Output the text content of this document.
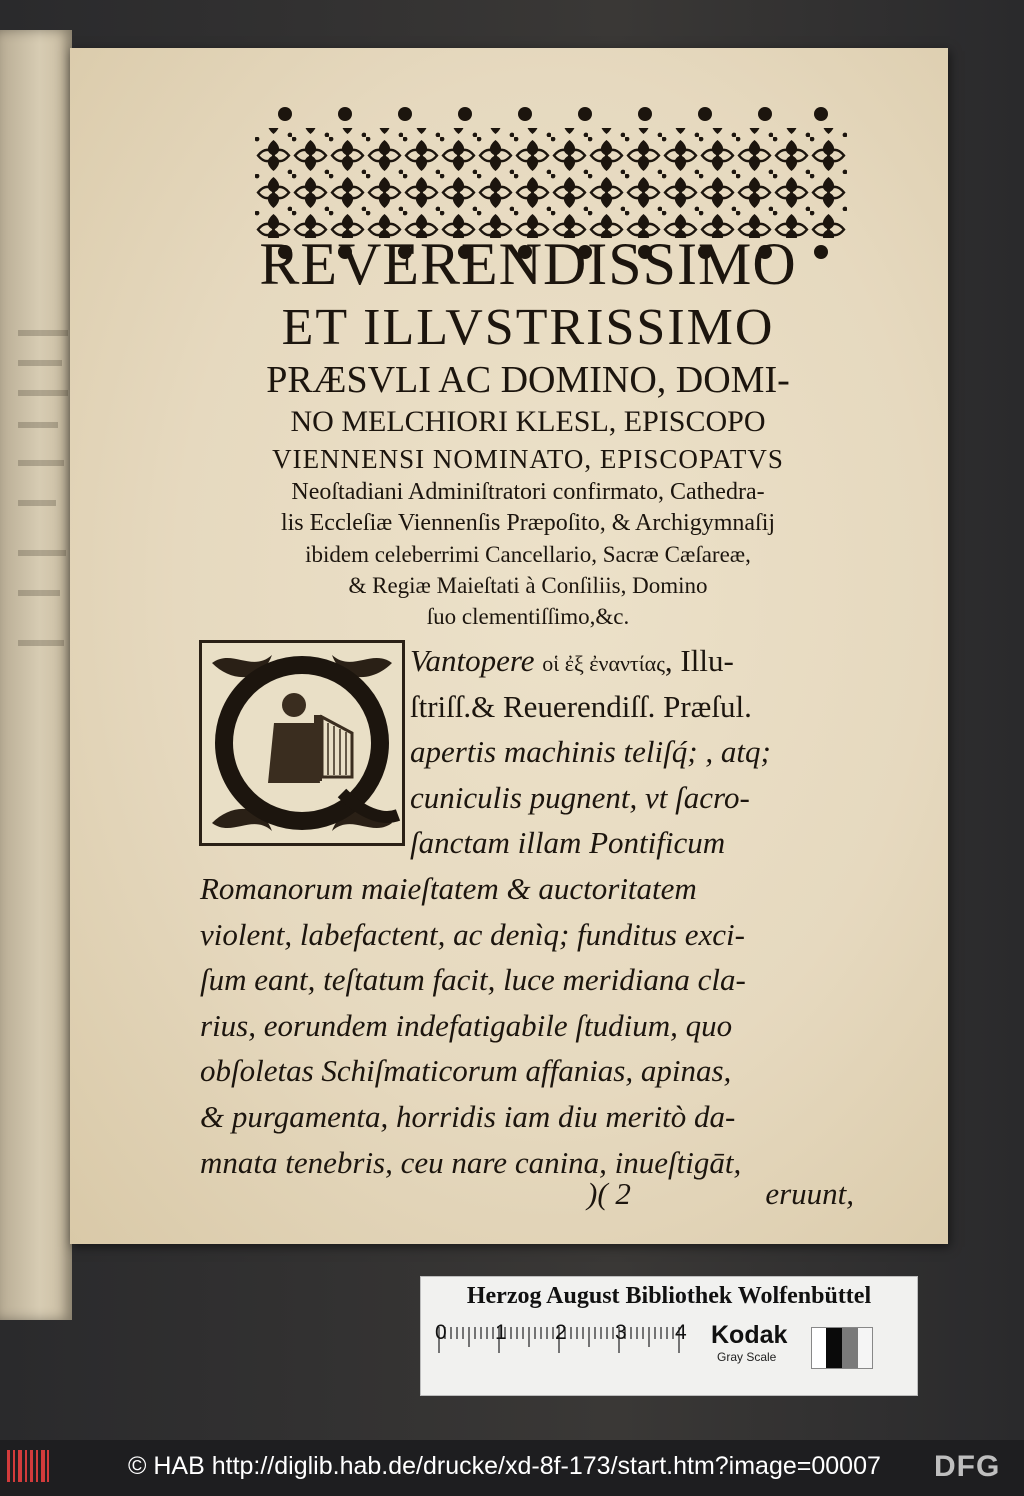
REVERENDISSIMO

ET ILLVSTRISSIMO

PRÆSVLI AC DOMINO, DOMI-

NO MELCHIORI KLESL, EPISCOPO

VIENNENSI NOMINATO, EPISCOPATVS

Neoſtadiani Adminiſtratori confirmato, Cathedra-

lis Eccleſiæ Viennenſis Præpoſito, & Archigymnaſij

ibidem celeberrimi Cancellario, Sacræ Cæſareæ,

& Regiæ Maieſtati à Conſiliis, Domino

ſuo clementiſſimo,&c.

Vantopere οἱ ἐξ ἐναντίας, Illu-
ſtriſſ.& Reuerendiſſ. Præſul.
apertis machinis teliſq́; , atq;
cuniculis pugnent, vt ſacro-
ſanctam illam Pontificum
Romanorum maieſtatem & auctoritatem
violent, labefactent, ac denìq; funditus exci-
ſum eant, teſtatum facit, luce meridiana cla-
rius, eorundem indefatigabile ſtudium, quo
obſoletas Schiſmaticorum affanias, apinas,
& purgamenta, horridis iam diu meritò da-
mnata tenebris, ceu nare canina, inueſtigāt,
)( 2	eruunt,
Herzog August Bibliothek Wolfenbüttel
0 1 2 3 4 Kodak
Gray Scale
© HAB http://diglib.hab.de/drucke/xd-8f-173/start.htm?image=00007 DFG
